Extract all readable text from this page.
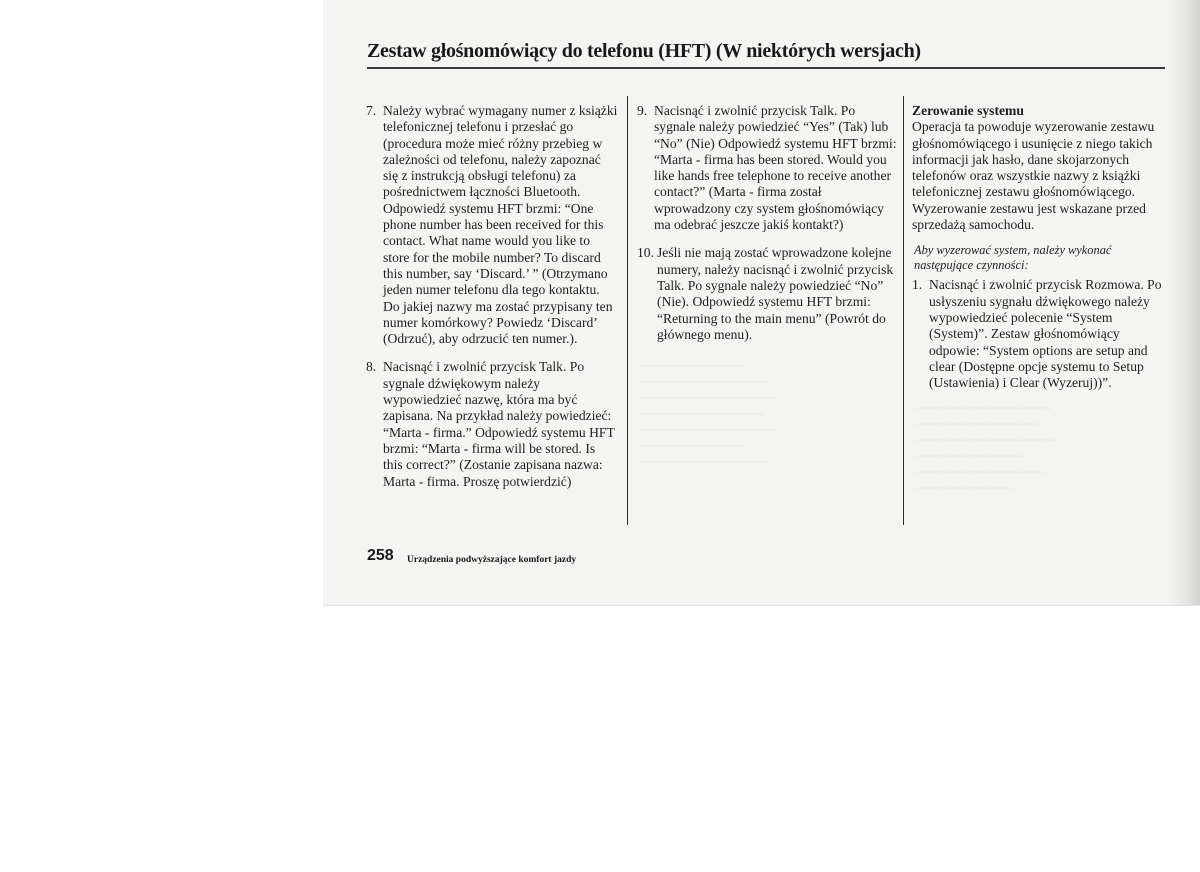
~~~~~~~~~~~~~~~~
~~~~~~~~~~~~~~~~~~~~
~~~~~~~~~~~~~~~~~~~~~
~~~~~~~~~~~~~~~~~~~
~~~~~~~~~~~~~~~~~~~~~
~~~~~~~~~~~~~~~~
~~~~~~~~~~~~~~~~~~~~
~~~~~~~~~~~~~~~~~~~~~
~~~~~~~~~~~~~~~~~~~
~~~~~~~~~~~~~~~~~~~~~~
~~~~~~~~~~~~~~~~~
~~~~~~~~~~~~~~~~~~~~
~~~~~~~~~~~~~~~
Zestaw głośnomówiący do telefonu (HFT) (W niektórych wersjach)
7. Należy wybrać wymagany numer z książki telefonicznej telefonu i przesłać go (procedura może mieć różny przebieg w zależności od telefonu, należy zapoznać się z instrukcją obsługi telefonu) za pośrednictwem łączności Bluetooth. Odpowiedź systemu HFT brzmi: “One phone number has been received for this contact. What name would you like to store for the mobile number? To discard this number, say ‘Discard.’ ” (Otrzymano jeden numer telefonu dla tego kontaktu. Do jakiej nazwy ma zostać przypisany ten numer komórkowy? Powiedz ‘Discard’ (Odrzuć), aby odrzucić ten numer.).
8. Nacisnąć i zwolnić przycisk Talk. Po sygnale dźwiękowym należy wypowiedzieć nazwę, która ma być zapisana. Na przykład należy powiedzieć: “Marta - firma.” Odpowiedź systemu HFT brzmi: “Marta - firma will be stored. Is this correct?” (Zostanie zapisana nazwa: Marta - firma. Proszę potwierdzić)
9. Nacisnąć i zwolnić przycisk Talk. Po sygnale należy powiedzieć “Yes” (Tak) lub “No” (Nie) Odpowiedź systemu HFT brzmi: “Marta - firma has been stored. Would you like hands free telephone to receive another contact?” (Marta - firma został wprowadzony czy system głośnomówiący ma odebrać jeszcze jakiś kontakt?)
10. Jeśli nie mają zostać wprowadzone kolejne numery, należy nacisnąć i zwolnić przycisk Talk. Po sygnale należy powiedzieć “No” (Nie). Odpowiedź systemu HFT brzmi: “Returning to the main menu” (Powrót do głównego menu).
Zerowanie systemu
Operacja ta powoduje wyzerowanie zestawu głośnomówiącego i usunięcie z niego takich informacji jak hasło, dane skojarzonych telefonów oraz wszystkie nazwy z książki telefonicznej zestawu głośnomówiącego. Wyzerowanie zestawu jest wskazane przed sprzedażą samochodu.
Aby wyzerować system, należy wykonać następujące czynności:
1. Nacisnąć i zwolnić przycisk Rozmowa. Po usłyszeniu sygnału dźwiękowego należy wypowiedzieć polecenie “System (System)”. Zestaw głośnomówiący odpowie: “System options are setup and clear (Dostępne opcje systemu to Setup (Ustawienia) i Clear (Wyzeruj))”.
258 Urządzenia podwyższające komfort jazdy
